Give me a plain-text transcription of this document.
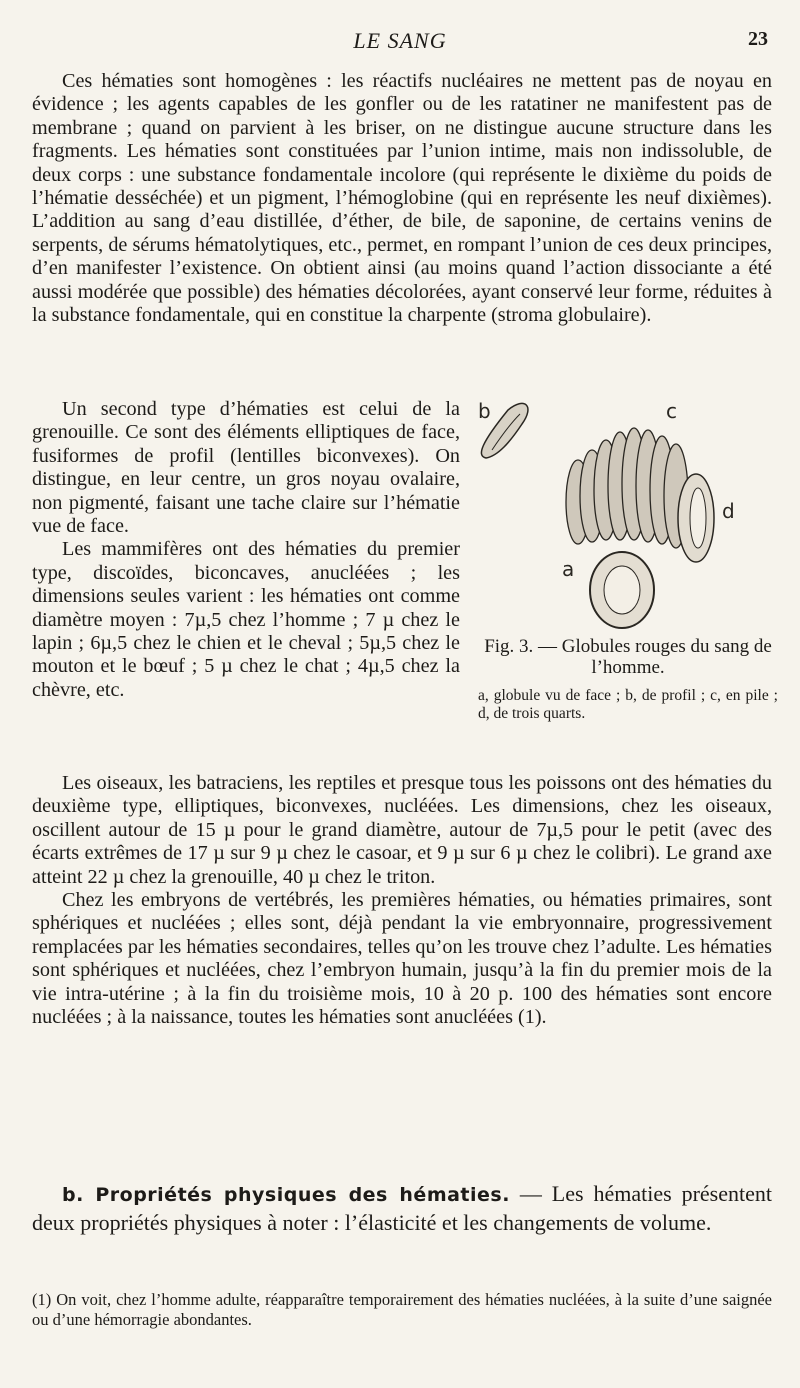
LE SANG	23

Ces hématies sont homogènes : les réactifs nucléaires ne mettent pas de noyau en évidence ; les agents capables de les gonfler ou de les ratatiner ne manifestent pas de membrane ; quand on parvient à les briser, on ne distingue aucune structure dans les fragments. Les hématies sont constituées par l’union intime, mais non indissoluble, de deux corps : une substance fondamentale incolore (qui représente le dixième du poids de l’hématie desséchée) et un pigment, l’hémoglobine (qui en représente les neuf dixièmes). L’addition au sang d’eau distillée, d’éther, de bile, de saponine, de certains venins de serpents, de sérums hématolytiques, etc., permet, en rompant l’union de ces deux principes, d’en manifester l’existence. On obtient ainsi (au moins quand l’action dissociante a été aussi modérée que possible) des hématies décolorées, ayant conservé leur forme, réduites à la substance fondamentale, qui en constitue la charpente (stroma globulaire).

Un second type d’hématies est celui de la grenouille. Ce sont des éléments elliptiques de face, fusiformes de profil (lentilles biconvexes). On distingue, en leur centre, un gros noyau ovalaire, non pigmenté, faisant une tache claire sur l’hématie vue de face.

Les mammifères ont des hématies du premier type, discoïdes, biconcaves, anucléées ; les dimensions seules varient : les hématies ont comme diamètre moyen : 7µ,5 chez l’homme ; 7 µ chez le lapin ; 6µ,5 chez le chien et le cheval ; 5µ,5 chez le mouton et le bœuf ; 5 µ chez le chat ; 4µ,5 chez la chèvre, etc.

b	c
d
a
Fig. 3. — Globules rouges du sang de l’homme.
a, globule vu de face ; b, de profil ; c, en pile ; d, de trois quarts.

Les oiseaux, les batraciens, les reptiles et presque tous les poissons ont des hématies du deuxième type, elliptiques, biconvexes, nucléées. Les dimensions, chez les oiseaux, oscillent autour de 15 µ pour le grand diamètre, autour de 7µ,5 pour le petit (avec des écarts extrêmes de 17 µ sur 9 µ chez le casoar, et 9 µ sur 6 µ chez le colibri). Le grand axe atteint 22 µ chez la grenouille, 40 µ chez le triton.

Chez les embryons de vertébrés, les premières hématies, ou hématies primaires, sont sphériques et nucléées ; elles sont, déjà pendant la vie embryonnaire, progressivement remplacées par les hématies secondaires, telles qu’on les trouve chez l’adulte. Les hématies sont sphériques et nucléées, chez l’embryon humain, jusqu’à la fin du premier mois de la vie intra-utérine ; à la fin du troisième mois, 10 à 20 p. 100 des hématies sont encore nucléées ; à la naissance, toutes les hématies sont anucléées (1).

b. Propriétés physiques des hématies. — Les hématies présentent deux propriétés physiques à noter : l’élasticité et les changements de volume.
(1) On voit, chez l’homme adulte, réapparaître temporairement des hématies nucléées, à la suite d’une saignée ou d’une hémorragie abondantes.
